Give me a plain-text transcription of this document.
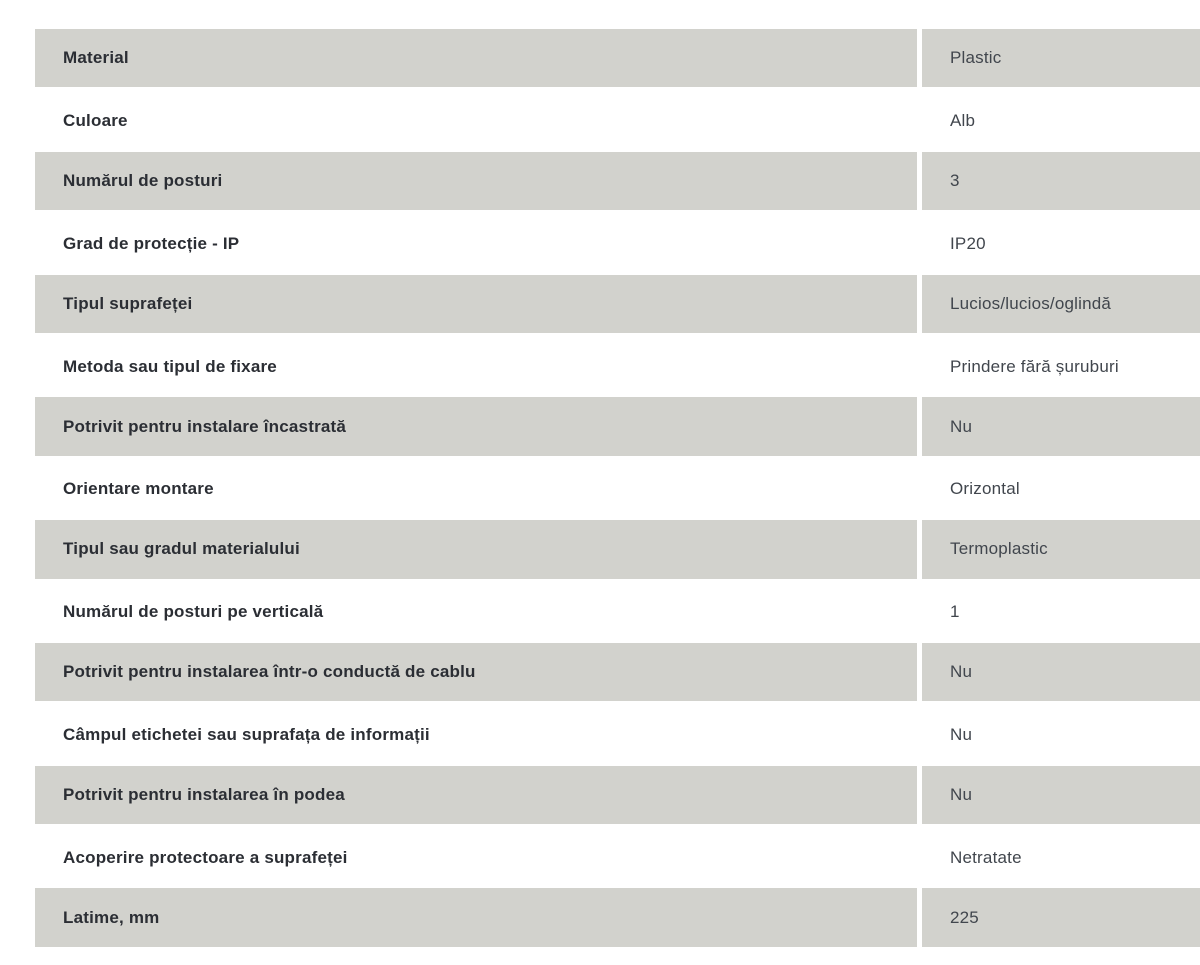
Material	Plastic
Culoare	Alb
Numărul de posturi	3
Grad de protecție - IP	IP20
Tipul suprafeței	Lucios/lucios/oglindă
Metoda sau tipul de fixare	Prindere fără șuruburi
Potrivit pentru instalare încastrată	Nu
Orientare montare	Orizontal
Tipul sau gradul materialului	Termoplastic
Numărul de posturi pe verticală	1
Potrivit pentru instalarea într-o conductă de cablu	Nu
Câmpul etichetei sau suprafața de informații	Nu
Potrivit pentru instalarea în podea	Nu
Acoperire protectoare a suprafeței	Netratate
Latime, mm	225
